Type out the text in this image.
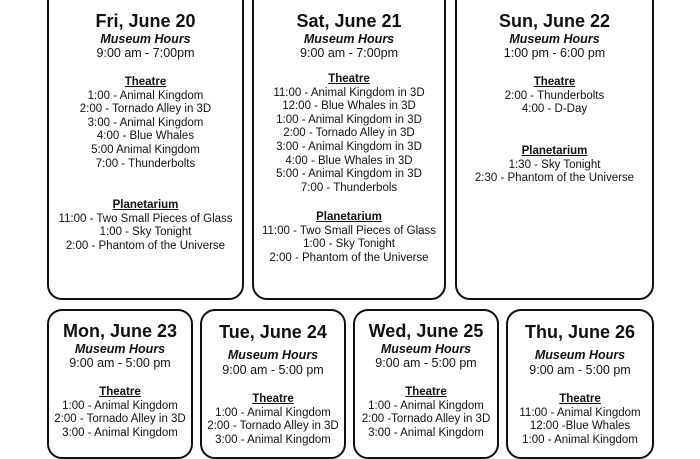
Fri, June 20
Museum Hours
9:00 am - 7:00pm
Theatre
1:00 - Animal Kingdom
2:00 - Tornado Alley in 3D
3:00 - Animal Kingdom
4:00 - Blue Whales
5:00 Animal Kingdom
7:00 - Thunderbolts
Planetarium
11:00 - Two Small Pieces of Glass
1:00 - Sky Tonight
2:00 - Phantom of the Universe
Sat, June 21
Museum Hours
9:00 am - 7:00pm
Theatre
11:00 - Animal Kingdom in 3D
12:00 - Blue Whales in 3D
1:00 - Animal Kingdom in 3D
2:00 - Tornado Alley in 3D
3:00 - Animal Kingdom in 3D
4:00 - Blue Whales in 3D
5:00 - Animal Kingdom in 3D
7:00 - Thunderbols
Planetarium
11:00 - Two Small Pieces of Glass
1:00 - Sky Tonight
2:00 - Phantom of the Universe
Sun, June 22
Museum Hours
1:00 pm - 6:00 pm
Theatre
2:00 - Thunderbolts
4:00 - D-Day
Planetarium
1:30 - Sky Tonight
2:30 - Phantom of the Universe
Mon, June 23
Museum Hours
9:00 am - 5:00 pm
Theatre
1:00 - Animal Kingdom
2:00 - Tornado Alley in 3D
3:00 - Animal Kingdom
Tue, June 24
Museum Hours
9:00 am - 5:00 pm
Theatre
1:00 - Animal Kingdom
2:00 - Tornado Alley in 3D
3:00 - Animal Kingdom
Wed, June 25
Museum Hours
9:00 am - 5:00 pm
Theatre
1:00 - Animal Kingdom
2:00 -Tornado Alley in 3D
3:00 - Animal Kingdom
Thu, June 26
Museum Hours
9:00 am - 5:00 pm
Theatre
11:00 - Animal Kingdom
12:00 -Blue Whales
1:00 - Animal Kingdom
